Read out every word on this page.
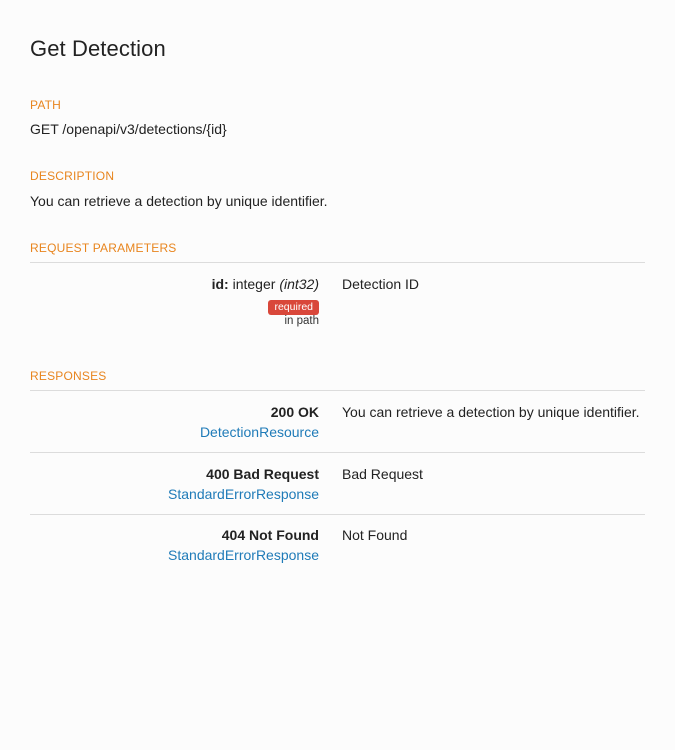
Get Detection
PATH
GET /openapi/v3/detections/{id}
DESCRIPTION
You can retrieve a detection by unique identifier.
REQUEST PARAMETERS
id: integer (int32)
required
in path
Detection ID
RESPONSES
200 OK
DetectionResource
You can retrieve a detection by unique identifier.
400 Bad Request
StandardErrorResponse
Bad Request
404 Not Found
StandardErrorResponse
Not Found
